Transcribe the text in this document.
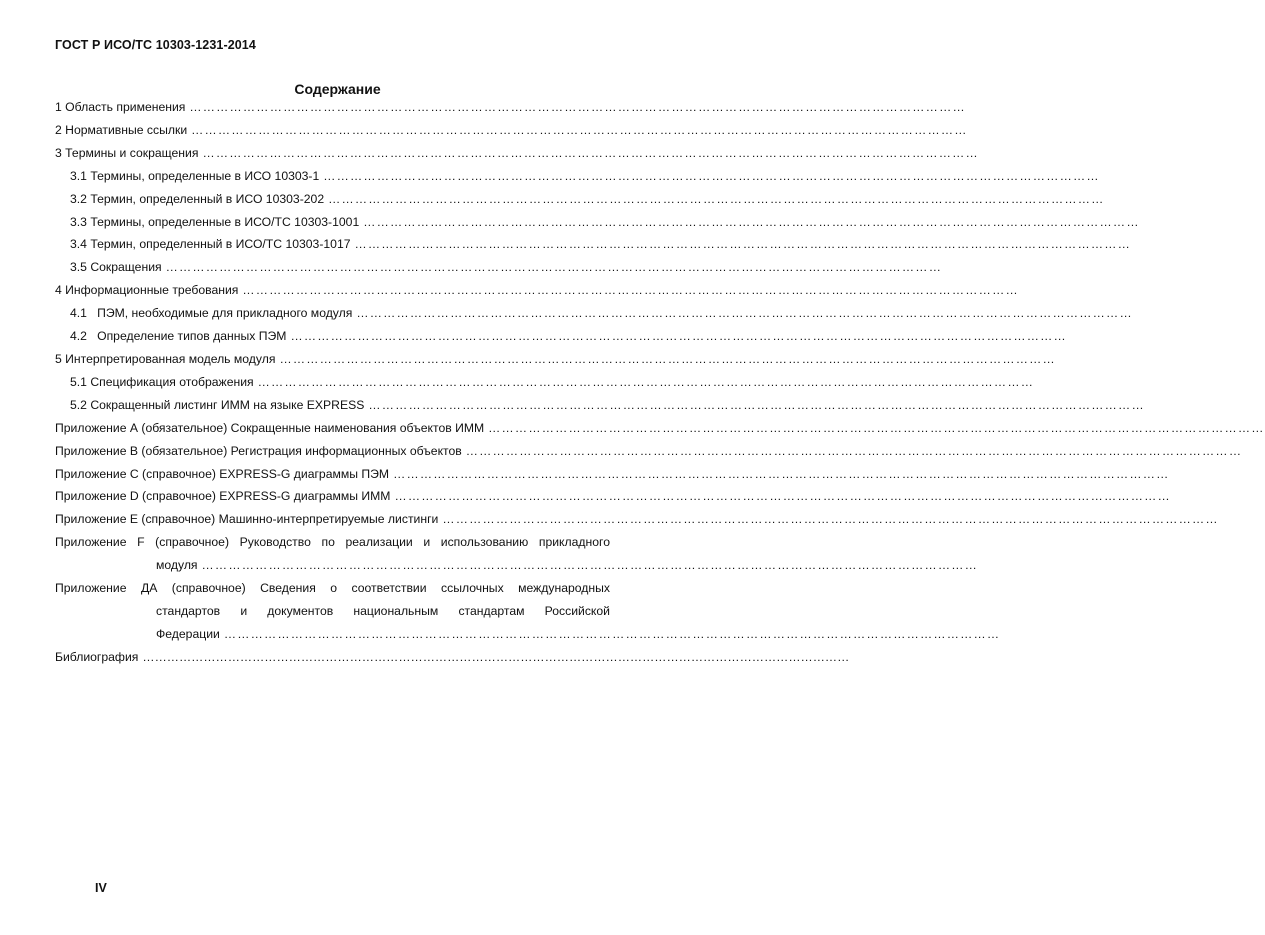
ГОСТ Р ИСО/ТС 10303-1231-2014
Содержание
1 Область применения …………………………………………………………………………………………………………………………………………………………
2 Нормативные ссылки …………………………………………………………………………………………………………………………………………………………
3 Термины и сокращения …………………………………………………………………………………………………………………………………………………………
3.1 Термины, определенные в ИСО 10303-1 …………………………………………………………………………………………………………………………………………………………
3.2 Термин, определенный в ИСО 10303-202 …………………………………………………………………………………………………………………………………………………………
3.3 Термины, определенные в ИСО/ТС 10303-1001 …………………………………………………………………………………………………………………………………………………………
3.4 Термин, определенный в ИСО/ТС 10303-1017 …………………………………………………………………………………………………………………………………………………………
3.5 Сокращения …………………………………………………………………………………………………………………………………………………………
4 Информационные требования …………………………………………………………………………………………………………………………………………………………
4.1   ПЭМ, необходимые для прикладного модуля …………………………………………………………………………………………………………………………………………………………
4.2   Определение типов данных ПЭМ …………………………………………………………………………………………………………………………………………………………
5 Интерпретированная модель модуля …………………………………………………………………………………………………………………………………………………………
5.1 Спецификация отображения …………………………………………………………………………………………………………………………………………………………
5.2 Сокращенный листинг ИММ на языке EXPRESS …………………………………………………………………………………………………………………………………………………………
Приложение А (обязательное) Сокращенные наименования объектов ИММ …………………………………………………………………………………………………………………………………………………………
Приложение В (обязательное) Регистрация информационных объектов …………………………………………………………………………………………………………………………………………………………
Приложение С (справочное) EXPRESS-G диаграммы ПЭМ …………………………………………………………………………………………………………………………………………………………
Приложение D (справочное) EXPRESS-G диаграммы ИММ …………………………………………………………………………………………………………………………………………………………
Приложение Е (справочное) Машинно-интерпретируемые листинги …………………………………………………………………………………………………………………………………………………………
Приложение F (справочное) Руководство по реализации и использованию прикладного
модуля …………………………………………………………………………………………………………………………………………………………
Приложение ДА (справочное) Сведения о соответствии ссылочных международных
стандартов и документов национальным стандартам Российской
Федерации …………………………………………………………………………………………………………………………………………………………
Библиография …………………………………………………………………………………………………………………………………………………………
IV
